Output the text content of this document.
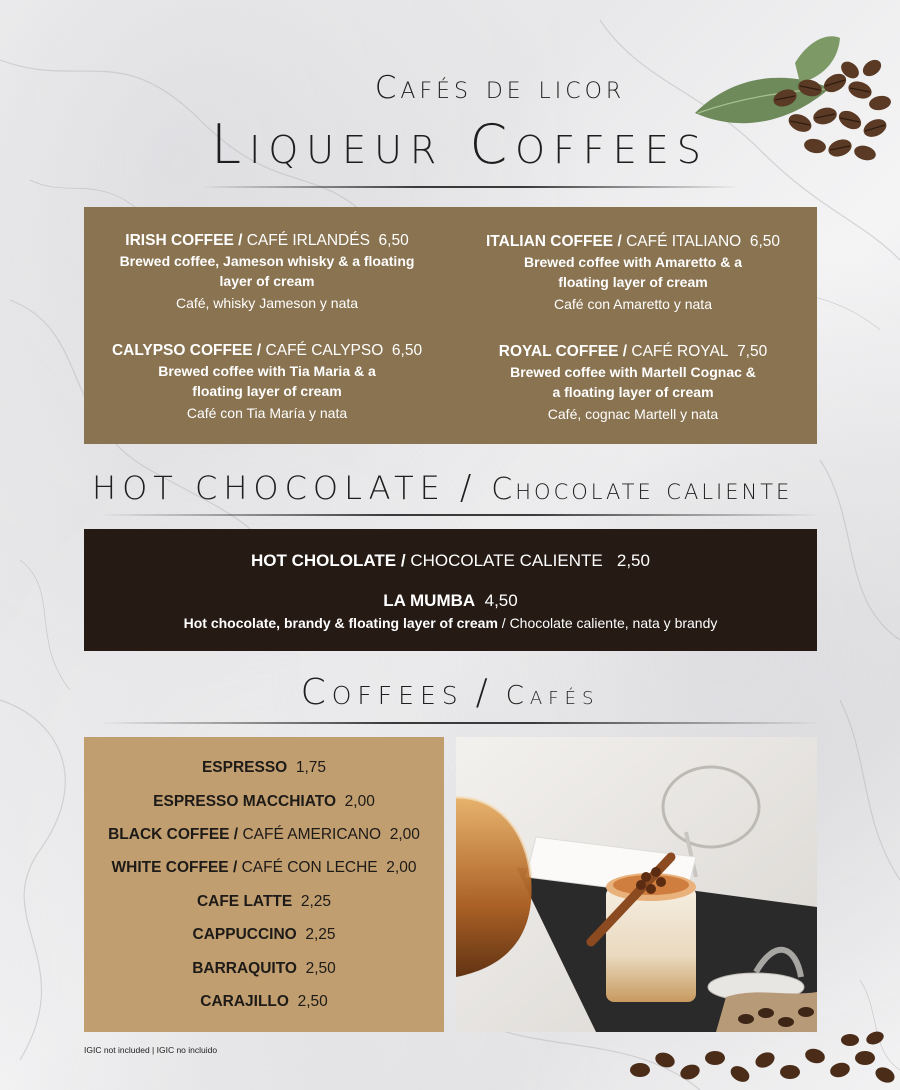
Cafés de licor
Liqueur Coffees
IRISH COFFEE / CAFÉ IRLANDÉS 6,50
Brewed coffee, Jameson whisky & a floating
layer of cream
Café, whisky Jameson y nata
ITALIAN COFFEE / CAFÉ ITALIANO 6,50
Brewed coffee with Amaretto & a
floating layer of cream
Café con Amaretto y nata
CALYPSO COFFEE / CAFÉ CALYPSO 6,50
Brewed coffee with Tia Maria & a
floating layer of cream
Café con Tia María y nata
ROYAL COFFEE / CAFÉ ROYAL 7,50
Brewed coffee with Martell Cognac &
a floating layer of cream
Café, cognac Martell y nata
HOT CHOCOLATE / Chocolate caliente
HOT CHOLOLATE / CHOCOLATE CALIENTE 2,50
LA MUMBA 4,50
Hot chocolate, brandy & floating layer of cream / Chocolate caliente, nata y brandy
Coffees / Cafés
ESPRESSO 1,75
ESPRESSO MACCHIATO 2,00
BLACK COFFEE / CAFÉ AMERICANO 2,00
WHITE COFFEE / CAFÉ CON LECHE 2,00
CAFE LATTE 2,25
CAPPUCCINO 2,25
BARRAQUITO 2,50
CARAJILLO 2,50
IGIC not included | IGIC no incluido
